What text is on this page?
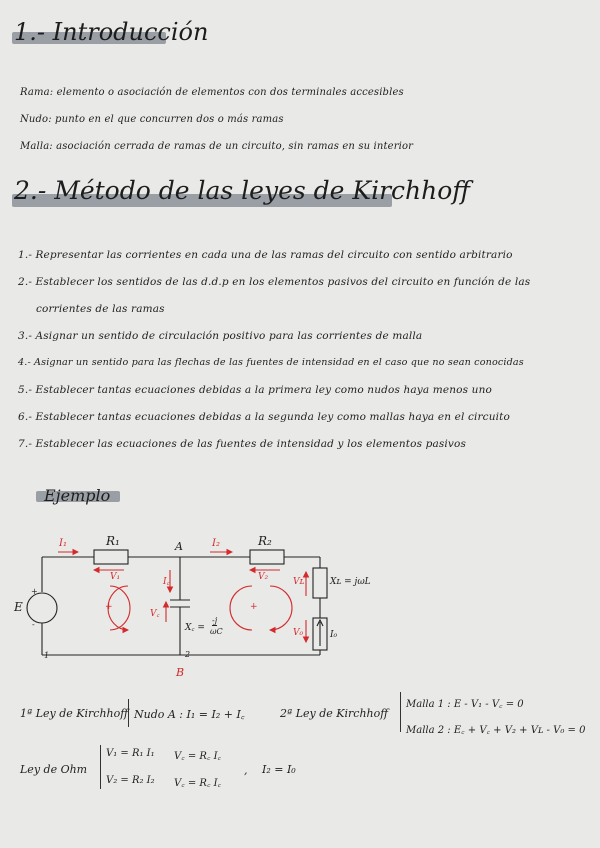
1.- Introducción
Rama: elemento o asociación de elementos con dos terminales accesibles
Nudo: punto en el que concurren dos o más ramas
Malla: asociación cerrada de ramas de un circuito, sin ramas en su interior
2.- Método de las leyes de Kirchhoff
1.- Representar las corrientes en cada una de las ramas del circuito con sentido arbitrario
2.- Establecer los sentidos de las d.d.p en los elementos pasivos del circuito en función de las
corrientes de las ramas
3.- Asignar un sentido de circulación positivo para las corrientes de malla
4.- Asignar un sentido para las flechas de las fuentes de intensidad en el caso que no sean conocidas
5.- Establecer tantas ecuaciones debidas a la primera ley como nudos haya menos uno
6.- Establecer tantas ecuaciones debidas a la segunda ley como mallas haya en el circuito
7.- Establecer las ecuaciones de las fuentes de intensidad y los elementos pasivos
Ejemplo
I₁	R₁	A	I₂	R₂
V₁	V₂
I꜀
V꜀
X꜀ =
-j
ωC
Vʟ
V₀
Xʟ = jωL
I₀
E
+
-
1	2
B
+	+
1ª Ley de Kirchhoff Nudo A : I₁ = I₂ + I꜀	2ª Ley de Kirchhoff
Malla 1 : E - V₁ - V꜀ = 0
Malla 2 : E꜀ + V꜀ + V₂ + Vʟ - V₀ = 0
Ley de Ohm
V₁ = R₁ I₁ V꜀ = R꜀ I꜀
V₂ = R₂ I₂ V꜀ = R꜀ I꜀
, I₂ = I₀
